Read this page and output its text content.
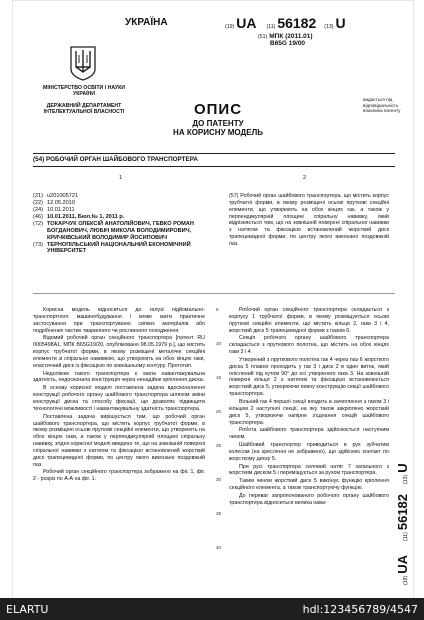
УКРАЇНА	(19) UA (11) 56182 (13) U
(51) МПК (2011.01)
B65G 19/00
МІНІСТЕРСТВО ОСВІТИ І НАУКИ УКРАЇНИ
ДЕРЖАВНИЙ ДЕПАРТАМЕНТ ІНТЕЛЕКТУАЛЬНОЇ ВЛАСНОСТІ	ОПИС
ДО ПАТЕНТУ
НА КОРИСНУ МОДЕЛЬ
видається під відповідальність власника патенту
(54) РОБОЧИЙ ОРГАН ШАЙБОВОГО ТРАНСПОРТЕРА
1	2
(21) u201005721
(22) 12.05.2010
(24) 10.01.2011
(46) 10.01.2011, Бюл.№ 1, 2011 р.
(72) ТОКАРЧУК ОЛЕКСІЙ АНАТОЛІЙОВИЧ, ГЕВКО РОМАН БОГДАНОВИЧ, ЛЮБІН МИКОЛА ВОЛОДИМИРОВИЧ, КРИЧКІВСЬКИЙ ВОЛОДИМИР ЙОСИПОВИЧ
(73) ТЕРНОПІЛЬСЬКИЙ НАЦІОНАЛЬНИЙ ЕКОНОМІЧНИЙ УНІВЕРСИТЕТ
(57) Робочий орган шайбового транспортера, що містить корпус трубчатої форми, в якому розміщені осьові пруткові секційні елементи, що утворюють на обох кінцях гак, а також у перпендикулярній площині спіральну навивку, який відрізняється тим, що на зовнішній поверхні спіральної навивки з натягом та фіксацією встановлений жорсткий диск трапецевидної форми, по центру якого виконано поздовжній паз.

Корисна модель відноситься до галузі підйомально-транспортного машинобудування і може мати практичне застосування при транспортуванні сипких матеріалів або подрібнених частин тваринного чи рослинного походження.

Відомий робочий орган секційного транспортера [патент RU 0005498A1, МПК B65G19/20, опубліковано 08.05.1979 р.], що містить корпус трубчатої форми, в якому розміщені металічні секційні елементи зі спірально навивкою, що утворюють на обох кінцях гаки, еластичний диск із фіксацією по зовнішньому контуру. Прототип.

Недоліком такого транспортера є мала навантажувальна здатність, недосконала конструкція через ненадійне кріплення диска.

В основу корисної моделі поставлена задача вдосконалення конструкції робочого органу шайбового транспортера шляхом зміни конструкції диска та способу фіксації, що дозволяє підвищити технологічні можливості і навантажувальну здатність транспортера.

Поставлена задача вирішується тим, що робочий орган шайбового транспортера, що містить корпус трубчатої форми, в якому розміщені осьові пруткові секційні елементи, що утворюють на обох кінцях гаки, а також у перпендикулярній площині спіральну навивку, згідно корисної моделі введено те, що на зовнішній поверхні спіральної навивки з натягом та фіксацією встановлений жорсткий диск трапецевидної форми, по центру якого виконано поздовжній паз.

Робочий орган секційного транспортера зображено на фіг. 1, фіг. 2 - розріз по А-А на фіг. 1.

Робочий орган секційного транспортера складається з корпусу 1 трубчатої форми, в якому розміщуються осьові пруткові секційні елементи, що містить кільце 2, гаки 3 і 4, жорсткий диск 5 трапецевидної форми з пазом 6.

Секція робочого органу шайбового транспортера складається з пруткового полотна, що містить на обох кінцях гаки 3 і 4.

Утворений з пруткового полотна гак 4 через паз 6 жорсткого диска 5 плавно проходить у гак 3 і диск 2 в один виток, який оліслений під кутом 90° до осі утвореного гака 3. На зовнішній поверхні кільця 2 з натягом та фіксацією встановлюється жорсткий диск 5, утворюючи певну конструкцію секції шайбового транспортера.

Вільний гак 4 першої секції входить в зачеплення з гаком 3 і кільцем 2 наступної секції, на яку також закріплено жорсткий диск 5, утворюючи напірне з'єднання секцій шайбового транспортера.

Робота шайбового транспортера здійснюється наступним чином.

Шайбовий транспортер приводиться в рух зубчатим колесом (на кресленні не зображено), що здійснює контакт по жорсткому диску 5.

При русі транспортера силовий натяг 7 загального з жорстким диском 5 і переміщується за рухом транспортера.

Таким чином жорсткий диск 5 виконує функцію кріплення секційного елемента, а також транспортуючу функцію.

До переваг запропонованого робочого органу шайбового транспортера відноситься велика нава-

5
10
15
20
25
30
35
40
(19)
UA
(11)
56182
(13)
U
ELARTU	hdl:123456789/4547
